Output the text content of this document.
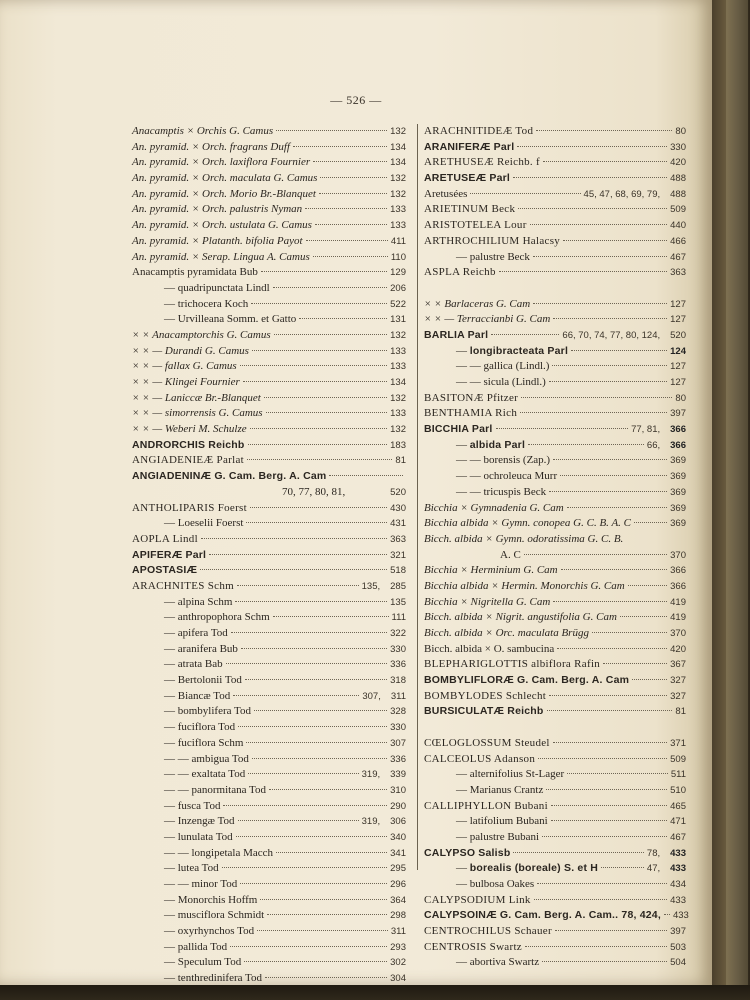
— 526 —
Anacamptis × Orchis G. Camus	132
An. pyramid. × Orch. fragrans Duff	134
An. pyramid. × Orch. laxiflora Fournier	134
An. pyramid. × Orch. maculata G. Camus	132
An. pyramid. × Orch. Morio Br.-Blanquet	132
An. pyramid. × Orch. palustris Nyman	133
An. pyramid. × Orch. ustulata G. Camus	133
An. pyramid. × Platanth. bifolia Payot	411
An. pyramid. × Serap. Lingua A. Camus	110
Anacamptis pyramidata Bub	129
— quadripunctata Lindl	206
— trichocera Koch	522
— Urvilleana Somm. et Gatto	131
× × Anacamptorchis G. Camus	132
× × — Durandi G. Camus	133
× × — fallax G. Camus	133
× × — Klingei Fournier	134
× × — Laniccæ Br.-Blanquet	132
× × — simorrensis G. Camus	133
× × — Weberi M. Schulze	132
ANDRORCHIS Reichb	183
ANGIADENIEÆ Parlat	81
ANGIADENINÆ G. Cam. Berg. A. Cam
70, 77, 80, 81,	520
ANTHOLIPARIS Foerst	430
— Loeselii Foerst	431
AOPLA Lindl	363
APIFERÆ Parl	321
APOSTASIÆ	518
ARACHNITES Schm	135, 285
— alpina Schm	135
— anthropophora Schm	111
— apifera Tod	322
— aranifera Bub	330
— atrata Bab	336
— Bertolonii Tod	318
— Biancæ Tod	307, 311
— bombylifera Tod	328
— fuciflora Tod	330
— fuciflora Schm	307
— — ambigua Tod	336
— — exaltata Tod	319, 339
— — panormitana Tod	310
— fusca Tod	290
— Inzengæ Tod	319, 306
— lunulata Tod	340
— — longipetala Macch	341
— lutea Tod	295
— — minor Tod	296
— Monorchis Hoffm	364
— musciflora Schmidt	298
— oxyrhynchos Tod	311
— pallida Tod	293
— Speculum Tod	302
— tenthredinifera Tod	304
ARACHNITIDEÆ Tod	80
ARANIFERÆ Parl	330
ARETHUSEÆ Reichb. f	420
ARETUSEÆ Parl	488
Aretusées	45, 47, 68, 69, 79, 488
ARIETINUM Beck	509
ARISTOTELEA Lour	440
ARTHROCHILIUM Halacsy	466
— palustre Beck	467
ASPLA Reichb	363
× × Barlaceras G. Cam	127
× × — Terraccianbi G. Cam	127
BARLIA Parl	66, 70, 74, 77, 80, 124, 520
— longibracteata Parl	124
— — gallica (Lindl.)	127
— — sicula (Lindl.)	127
BASITONÆ Pfitzer	80
BENTHAMIA Rich	397
BICCHIA Parl	77, 81, 366
— albida Parl	66, 366
— — borensis (Zap.)	369
— — ochroleuca Murr	369
— — tricuspis Beck	369
Bicchia × Gymnadenia G. Cam	369
Bicchia albida × Gymn. conopea G. C. B. A. C	369
Bicch. albida × Gymn. odoratissima G. C. B.
A. C	370
Bicchia × Herminium G. Cam	366
Bicchia albida × Hermin. Monorchis G. Cam	366
Bicchia × Nigritella G. Cam	419
Bicch. albida × Nigrit. angustifolia G. Cam	419
Bicch. albida × Orc. maculata Brügg	370
Bicch. albida × O. sambucina	420
BLEPHARIGLOTTIS albiflora Rafin	367
BOMBYLIFLORÆ G. Cam. Berg. A. Cam	327
BOMBYLODES Schlecht	327
BURSICULATÆ Reichb	81
CŒLOGLOSSUM Steudel	371
CALCEOLUS Adanson	509
— alternifolius St-Lager	511
— Marianus Crantz	510
CALLIPHYLLON Bubani	465
— latifolium Bubani	471
— palustre Bubani	467
CALYPSO Salisb	78, 433
— borealis (boreale) S. et H	47, 433
— bulbosa Oakes	434
CALYPSODIUM Link	433
CALYPSOINÆ G. Cam. Berg. A. Cam.. 78, 424, 433
CENTROCHILUS Schauer	397
CENTROSIS Swartz	503
— abortiva Swartz	504
